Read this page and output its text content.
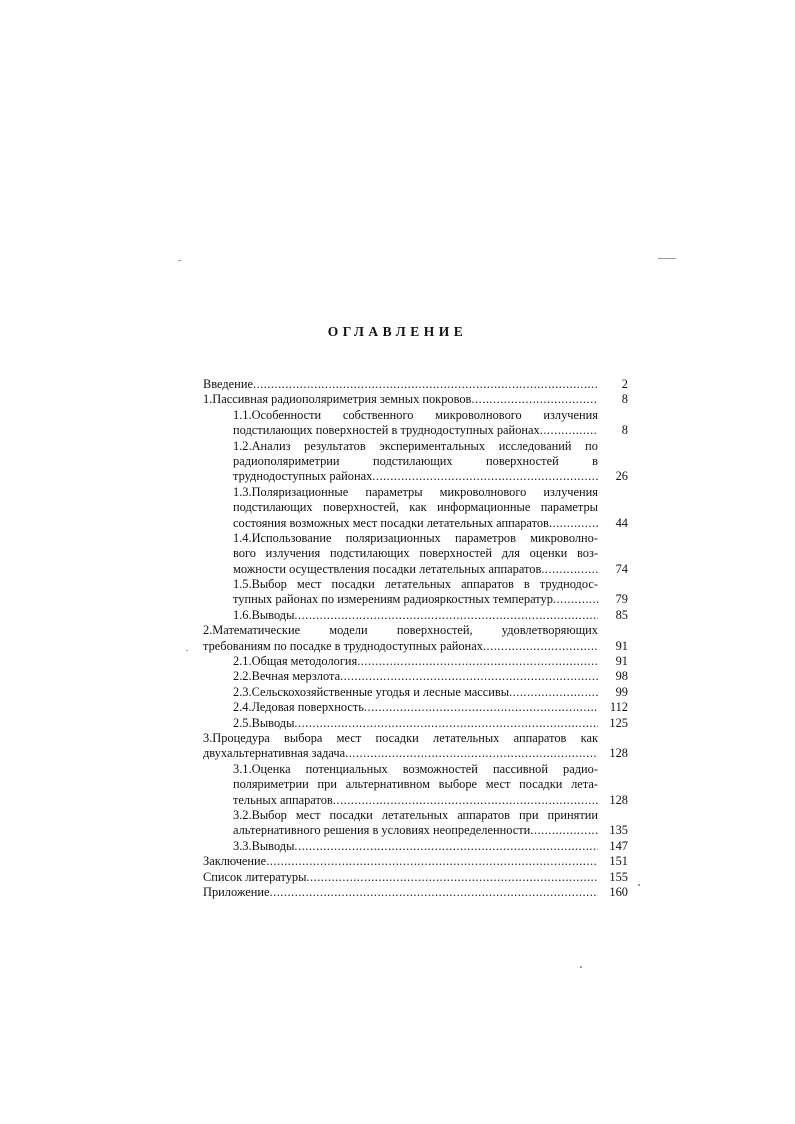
ОГЛАВЛЕНИЕ
Введение .....	2
1.Пассивная радиополяриметрия земных покровов .....	8
1.1.Особенности собственного микроволнового излучения
подстилающих поверхностей в труднодоступных районах .....	8
1.2.Анализ результатов экспериментальных исследований по
радиополяриметрии подстилающих поверхностей в
труднодоступных районах .....	26
1.3.Поляризационные параметры микроволнового излучения
подстилающих поверхностей, как информационные параметры
состояния возможных мест посадки летательных аппаратов .....	44
1.4.Использование поляризационных параметров микроволно-
вого излучения подстилающих поверхностей для оценки воз-
можности осуществления посадки летательных аппаратов .....	74
1.5.Выбор мест посадки летательных аппаратов в труднодос-
тупных районах по измерениям радиояркостных температур .....	79
1.6.Выводы .....	85
2.Математические модели поверхностей, удовлетворяющих
требованиям по посадке в труднодоступных районах .....	91
2.1.Общая методология .....	91
2.2.Вечная мерзлота .....	98
2.3.Сельскохозяйственные угодья и лесные массивы .....	99
2.4.Ледовая поверхность .....	112
2.5.Выводы .....	125
3.Процедура выбора мест посадки летательных аппаратов как
двухальтернативная задача .....	128
3.1.Оценка потенциальных возможностей пассивной радио-
поляриметрии при альтернативном выборе мест посадки лета-
тельных аппаратов .....	128
3.2.Выбор мест посадки летательных аппаратов при принятии
альтернативного решения в условиях неопределенности .....	135
3.3.Выводы .....	147
Заключение .....	151
Список литературы .....	155
Приложение .....	160
